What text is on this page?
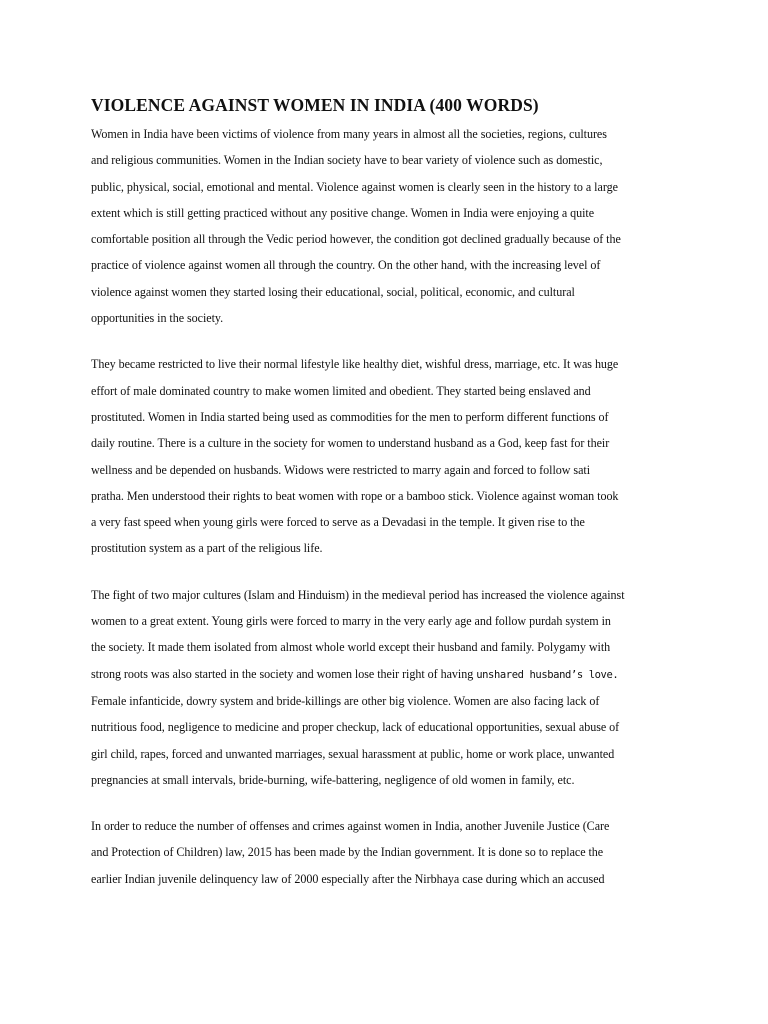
VIOLENCE AGAINST WOMEN IN INDIA (400 WORDS)

Women in India have been victims of violence from many years in almost all the societies, regions, cultures
and religious communities. Women in the Indian society have to bear variety of violence such as domestic,
public, physical, social, emotional and mental. Violence against women is clearly seen in the history to a large
extent which is still getting practiced without any positive change. Women in India were enjoying a quite
comfortable position all through the Vedic period however, the condition got declined gradually because of the
practice of violence against women all through the country. On the other hand, with the increasing level of
violence against women they started losing their educational, social, political, economic, and cultural
opportunities in the society.

They became restricted to live their normal lifestyle like healthy diet, wishful dress, marriage, etc. It was huge
effort of male dominated country to make women limited and obedient. They started being enslaved and
prostituted. Women in India started being used as commodities for the men to perform different functions of
daily routine. There is a culture in the society for women to understand husband as a God, keep fast for their
wellness and be depended on husbands. Widows were restricted to marry again and forced to follow sati
pratha. Men understood their rights to beat women with rope or a bamboo stick. Violence against woman took
a very fast speed when young girls were forced to serve as a Devadasi in the temple. It given rise to the
prostitution system as a part of the religious life.

The fight of two major cultures (Islam and Hinduism) in the medieval period has increased the violence against
women to a great extent. Young girls were forced to marry in the very early age and follow purdah system in
the society. It made them isolated from almost whole world except their husband and family. Polygamy with
strong roots was also started in the society and women lose their right of having unshared husband’s love.
Female infanticide, dowry system and bride-killings are other big violence. Women are also facing lack of
nutritious food, negligence to medicine and proper checkup, lack of educational opportunities, sexual abuse of
girl child, rapes, forced and unwanted marriages, sexual harassment at public, home or work place, unwanted
pregnancies at small intervals, bride-burning, wife-battering, negligence of old women in family, etc.

In order to reduce the number of offenses and crimes against women in India, another Juvenile Justice (Care
and Protection of Children) law, 2015 has been made by the Indian government. It is done so to replace the
earlier Indian juvenile delinquency law of 2000 especially after the Nirbhaya case during which an accused
